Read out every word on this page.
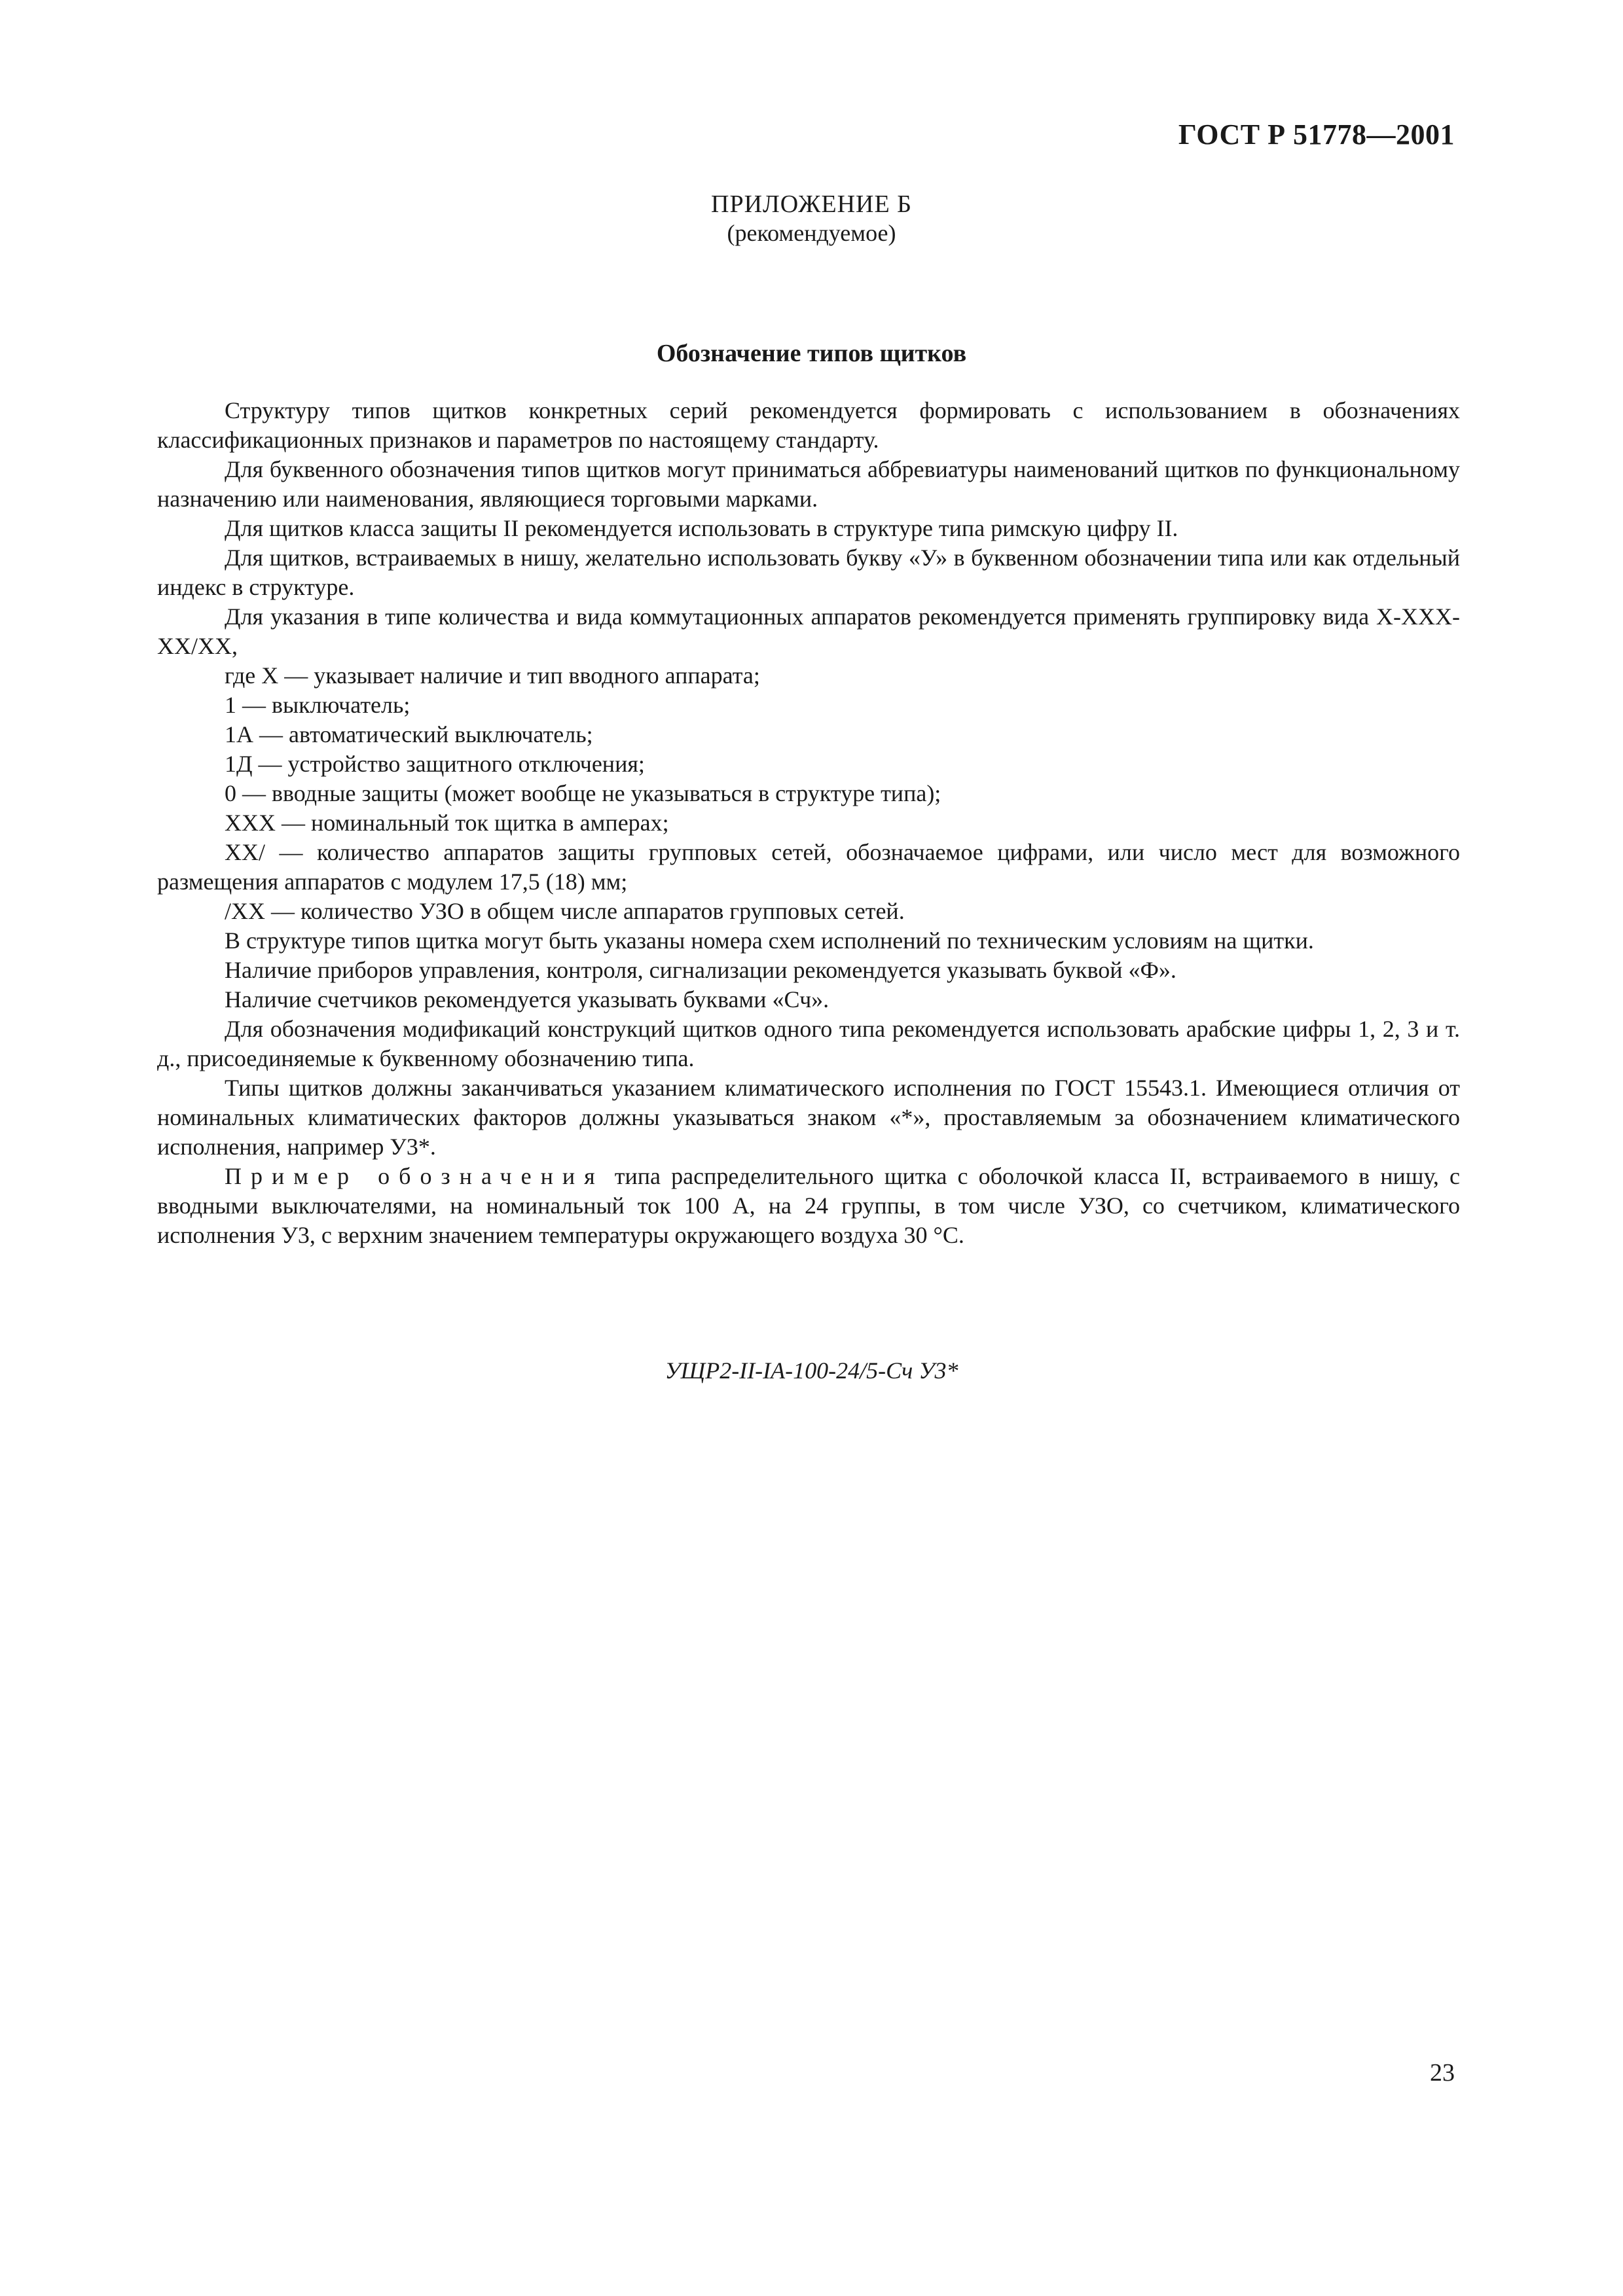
ГОСТ Р 51778—2001
ПРИЛОЖЕНИЕ Б
(рекомендуемое)
Обозначение типов щитков

Структуру типов щитков конкретных серий рекомендуется формировать с использованием в обозначениях классификационных признаков и параметров по настоящему стандарту.

Для буквенного обозначения типов щитков могут приниматься аббревиатуры наименований щитков по функциональному назначению или наименования, являющиеся торговыми марками.

Для щитков класса защиты II рекомендуется использовать в структуре типа римскую цифру II.

Для щитков, встраиваемых в нишу, желательно использовать букву «У» в буквенном обозначении типа или как отдельный индекс в структуре.

Для указания в типе количества и вида коммутационных аппаратов рекомендуется применять группировку вида Х-ХХХ-ХХ/ХХ,

где Х — указывает наличие и тип вводного аппарата;

1 — выключатель;

1А — автоматический выключатель;

1Д — устройство защитного отключения;

0 — вводные защиты (может вообще не указываться в структуре типа);

ХХХ — номинальный ток щитка в амперах;

ХХ/ — количество аппаратов защиты групповых сетей, обозначаемое цифрами, или число мест для возможного размещения аппаратов с модулем 17,5 (18) мм;

/ХХ — количество УЗО в общем числе аппаратов групповых сетей.

В структуре типов щитка могут быть указаны номера схем исполнений по техническим условиям на щитки.

Наличие приборов управления, контроля, сигнализации рекомендуется указывать буквой «Ф».

Наличие счетчиков рекомендуется указывать буквами «Сч».

Для обозначения модификаций конструкций щитков одного типа рекомендуется использовать арабские цифры 1, 2, 3 и т. д., присоединяемые к буквенному обозначению типа.

Типы щитков должны заканчиваться указанием климатического исполнения по ГОСТ 15543.1. Имеющиеся отличия от номинальных климатических факторов должны указываться знаком «*», проставляемым за обозначением климатического исполнения, например У3*.

Пример обозначения типа распределительного щитка с оболочкой класса II, встраиваемого в нишу, с вводными выключателями, на номинальный ток 100 А, на 24 группы, в том числе УЗО, со счетчиком, климатического исполнения У3, с верхним значением температуры окружающего воздуха 30 °С.

УЩР2-II-IА-100-24/5-Сч У3*
23
